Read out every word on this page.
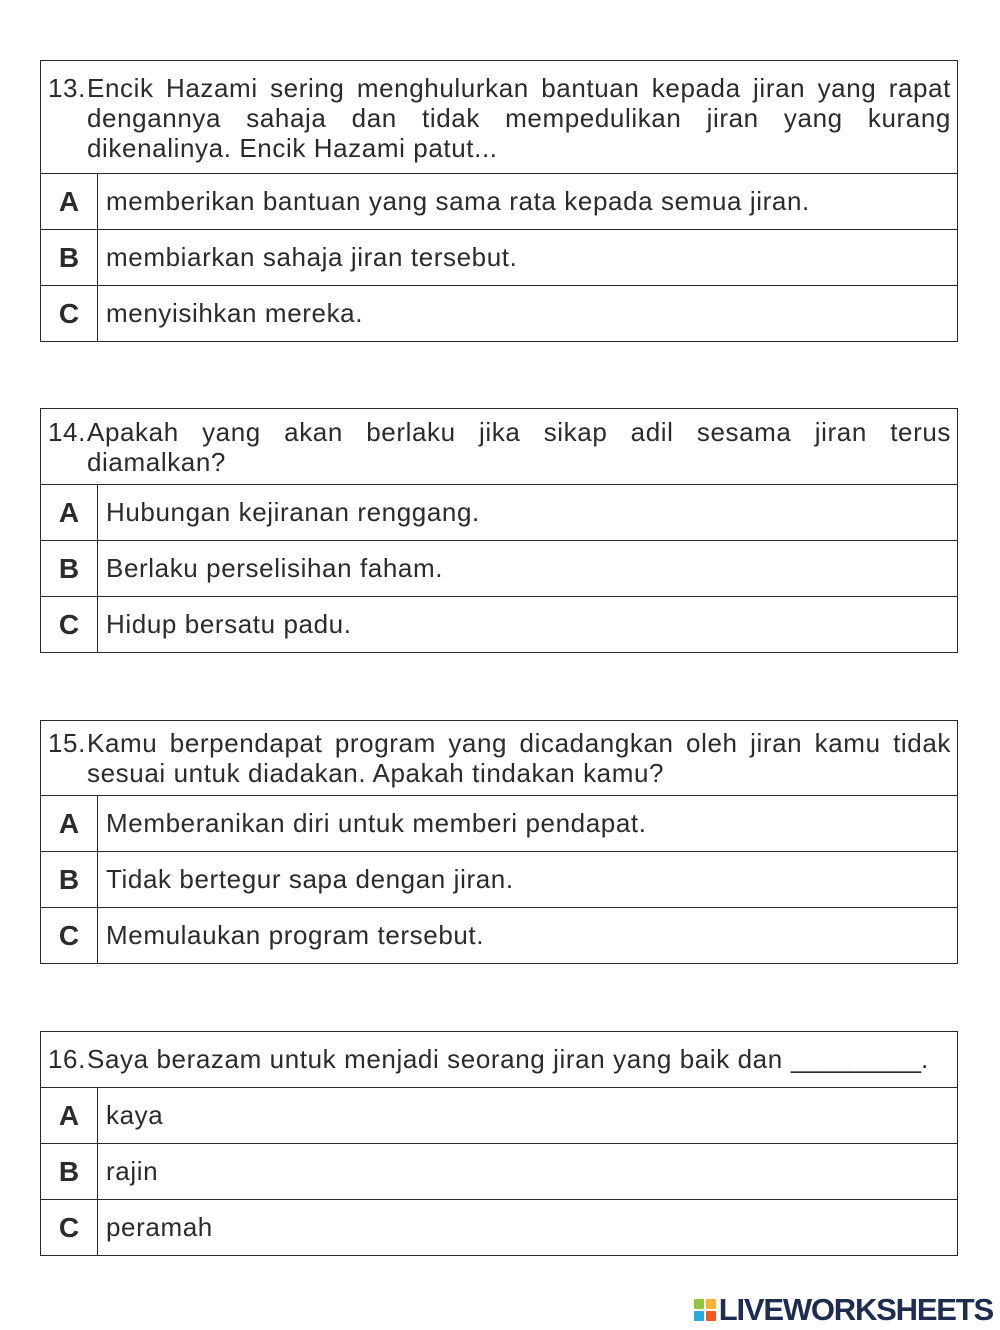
13. Encik Hazami sering menghulurkan bantuan kepada jiran yang rapat
dengannya sahaja dan tidak mempedulikan jiran yang kurang
dikenalinya. Encik Hazami patut...
A	memberikan bantuan yang sama rata kepada semua jiran.
B	membiarkan sahaja jiran tersebut.
C	menyisihkan mereka.
14. Apakah yang akan berlaku jika sikap adil sesama jiran terus
diamalkan?
A	Hubungan kejiranan renggang.
B	Berlaku perselisihan faham.
C	Hidup bersatu padu.
15. Kamu berpendapat program yang dicadangkan oleh jiran kamu tidak
sesuai untuk diadakan. Apakah tindakan kamu?
A	Memberanikan diri untuk memberi pendapat.
B	Tidak bertegur sapa dengan jiran.
C	Memulaukan program tersebut.
16. Saya berazam untuk menjadi seorang jiran yang baik dan _________.
A	kaya
B	rajin
C	peramah
LIVEWORKSHEETS
